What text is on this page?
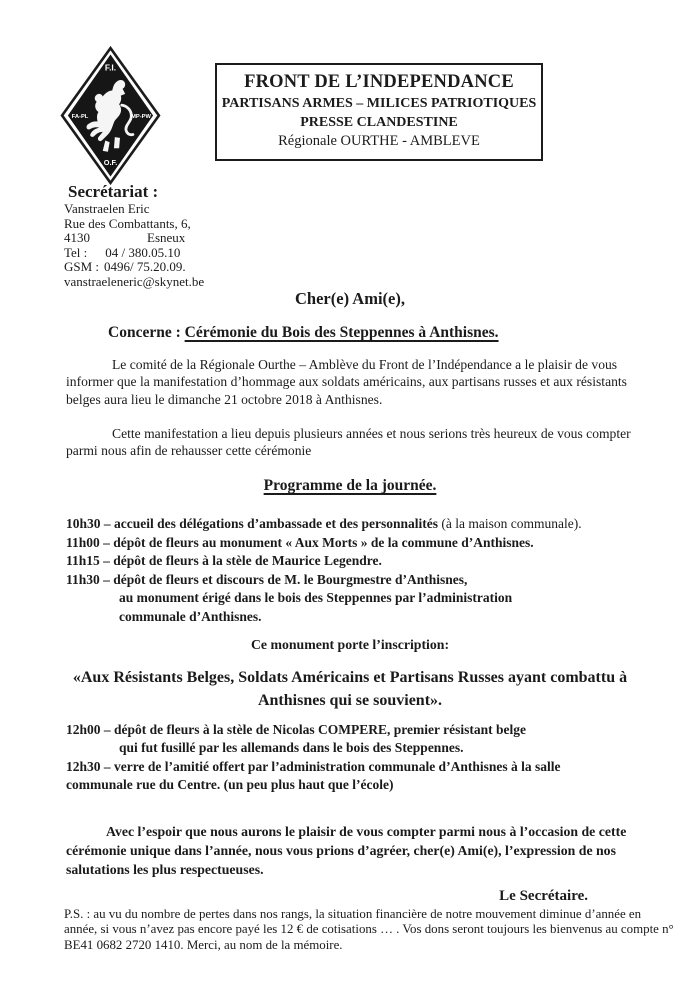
F.I.
FA-PL	MP-PW
O.F.
FRONT DE L’INDEPENDANCE
PARTISANS ARMES – MILICES PATRIOTIQUES
PRESSE CLANDESTINE
Régionale OURTHE - AMBLEVE
Secrétariat :
Vanstraelen Eric
Rue des Combattants, 6,
4130	Esneux
Tel : 04 / 380.05.10
GSM : 0496/ 75.20.09.
vanstraeleneric@skynet.be
Cher(e) Ami(e),
Concerne : Cérémonie du Bois des Steppennes à Anthisnes.

Le comité de la Régionale Ourthe – Amblève du Front de l’Indépendance a le plaisir de vous informer que la manifestation d’hommage aux soldats américains, aux partisans russes et aux résistants belges aura lieu le dimanche 21 octobre 2018 à Anthisnes.

Cette manifestation a lieu depuis plusieurs années et nous serions très heureux de vous compter parmi nous afin de rehausser cette cérémonie

Programme de la journée.
10h30 – accueil des délégations d’ambassade et des personnalités (à la maison communale).
11h00 – dépôt de fleurs au monument « Aux Morts » de la commune d’Anthisnes.
11h15 – dépôt de fleurs à la stèle de Maurice Legendre.
11h30 – dépôt de fleurs et discours de M. le Bourgmestre d’Anthisnes,
au monument érigé dans le bois des Steppennes par l’administration
communale d’Anthisnes.
Ce monument porte l’inscription:
«Aux Résistants Belges, Soldats Américains et Partisans Russes ayant combattu à Anthisnes qui se souvient».
12h00 – dépôt de fleurs à la stèle de Nicolas COMPERE, premier résistant belge
qui fut fusillé par les allemands dans le bois des Steppennes.
12h30 – verre de l’amitié offert par l’administration communale d’Anthisnes à la salle
communale rue du Centre. (un peu plus haut que l’école)

Avec l’espoir que nous aurons le plaisir de vous compter parmi nous à l’occasion de cette cérémonie unique dans l’année, nous vous prions d’agréer, cher(e) Ami(e), l’expression de nos salutations les plus respectueuses.

Le Secrétaire.

P.S. : au vu du nombre de pertes dans nos rangs, la situation financière de notre mouvement diminue d’année en année, si vous n’avez pas encore payé les 12 € de cotisations … . Vos dons seront toujours les bienvenus au compte n° BE41 0682 2720 1410. Merci, au nom de la mémoire.
